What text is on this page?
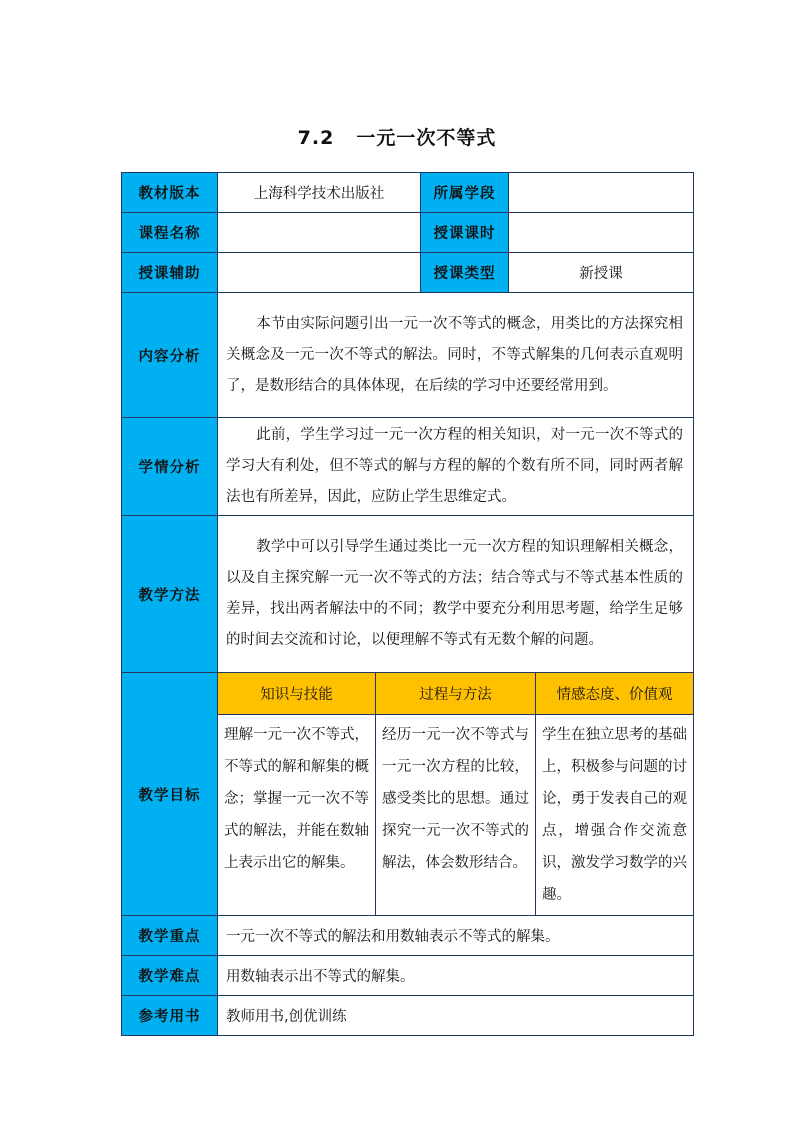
7.2 一元一次不等式
教材版本	上海科学技术出版社		所属学段		
课程名称			授课课时		
授课辅助			授课类型	新授课	
内容分析	本节由实际问题引出一元一次不等式的概念，用类比的方法探究相关概念及一元一次不等式的解法。同时，不等式解集的几何表示直观明了，是数形结合的具体体现，在后续的学习中还要经常用到。				
学情分析	此前，学生学习过一元一次方程的相关知识，对一元一次不等式的学习大有利处，但不等式的解与方程的解的个数有所不同，同时两者解法也有所差异，因此，应防止学生思维定式。				
教学方法	教学中可以引导学生通过类比一元一次方程的知识理解相关概念，以及自主探究解一元一次不等式的方法；结合等式与不等式基本性质的差异，找出两者解法中的不同；教学中要充分利用思考题，给学生足够的时间去交流和讨论，以便理解不等式有无数个解的问题。				
教学目标	知识与技能	过程与方法			情感态度、价值观
	理解一元一次不等式，不等式的解和解集的概念；掌握一元一次不等式的解法，并能在数轴上表示出它的解集。	经历一元一次不等式与一元一次方程的比较，感受类比的思想。通过探究一元一次不等式的解法，体会数形结合。			学生在独立思考的基础上，积极参与问题的讨论，勇于发表自己的观点，增强合作交流意识，激发学习数学的兴趣。
教学重点	一元一次不等式的解法和用数轴表示不等式的解集。				
教学难点	用数轴表示出不等式的解集。				
参考用书	教师用书,创优训练				
